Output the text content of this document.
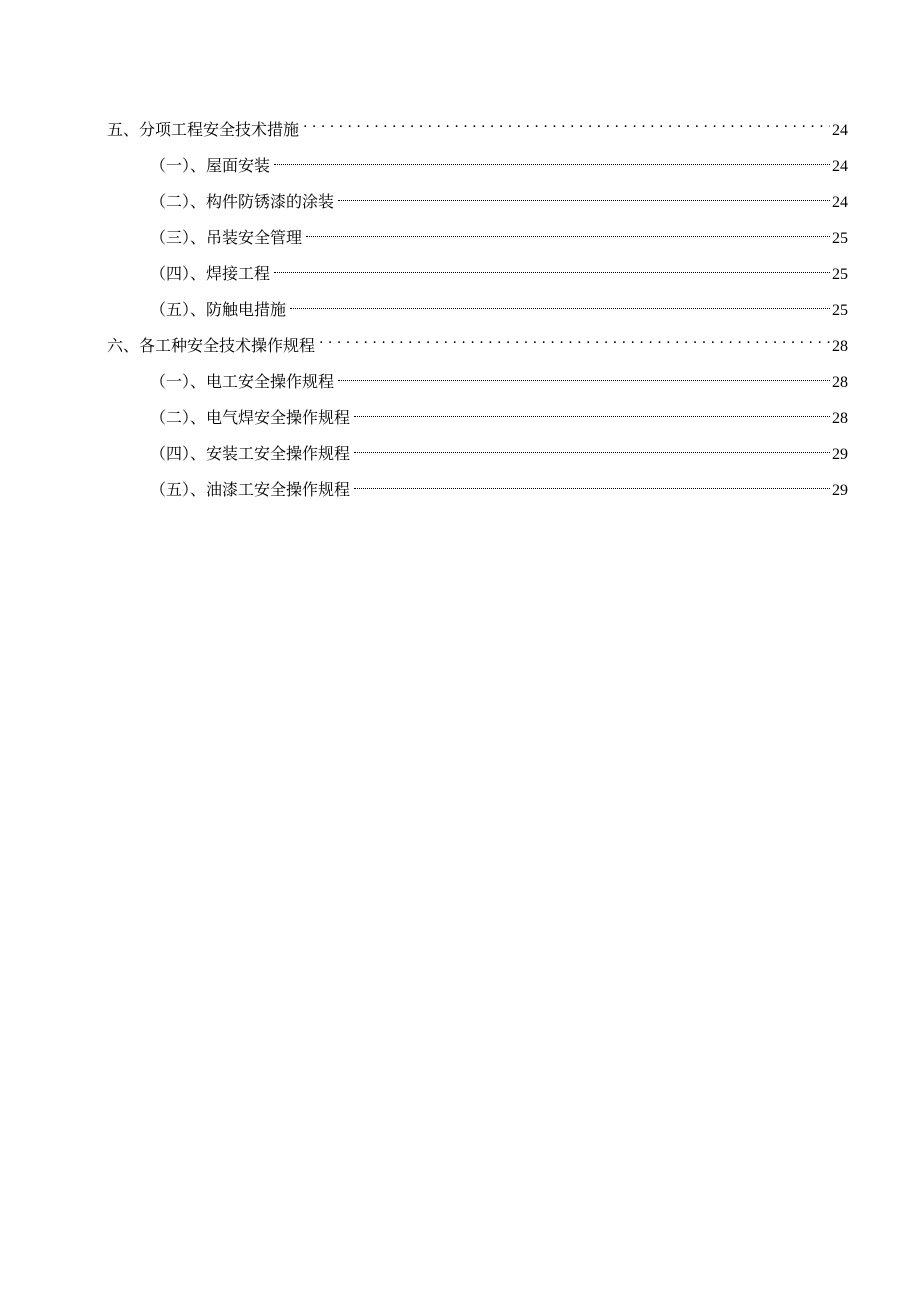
五、分项工程安全技术措施 . . .	24
（一）、屋面安装	24
（二）、构件防锈漆的涂装	24
（三）、吊装安全管理	25
（四）、焊接工程	25
（五）、防触电措施	25
六、各工种安全技术操作规程 . . .	28
（一）、电工安全操作规程	28
（二）、电气焊安全操作规程	28
（四）、安装工安全操作规程	29
（五）、油漆工安全操作规程	29
